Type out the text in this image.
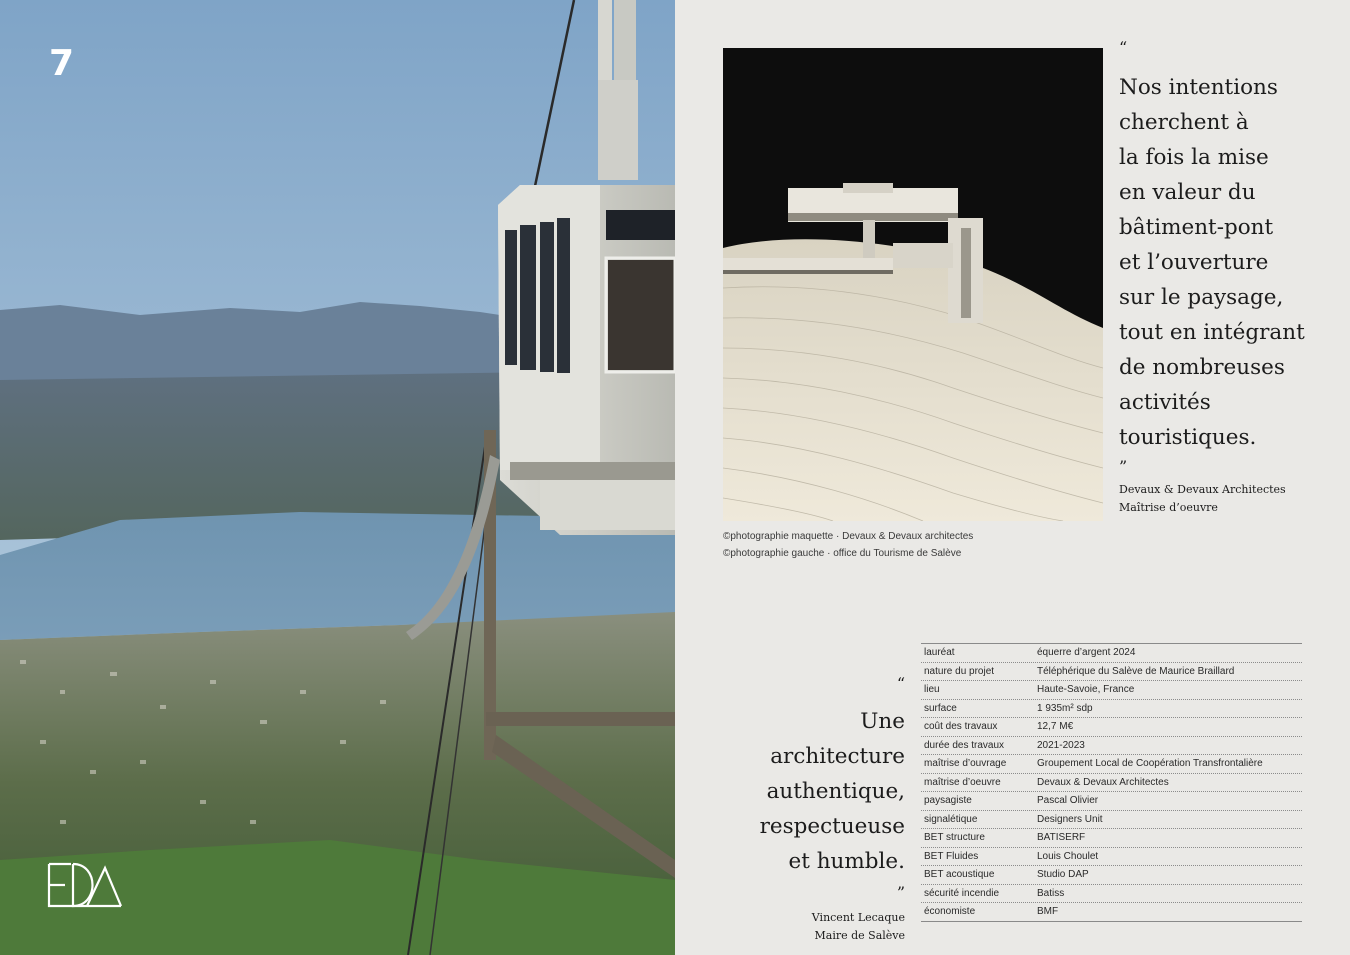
7
©photographie maquette · Devaux & Devaux architectes
©photographie gauche · office du Tourisme de Salève
“
Nos intentions
cherchent à
la fois la mise
en valeur du
bâtiment-pont
et l’ouverture
sur le paysage,
tout en intégrant
de nombreuses
activités
touristiques.
”
Devaux & Devaux Architectes
Maîtrise d’oeuvre
“
Une architecture
authentique,
respectueuse
et humble.
”
Vincent Lecaque
Maire de Salève
lauréat	équerre d’argent 2024
nature du projet	Téléphérique du Salève de Maurice Braillard
lieu	Haute-Savoie, France
surface	1 935m² sdp
coût des travaux	12,7 M€
durée des travaux	2021-2023
maîtrise d’ouvrage	Groupement Local de Coopération Transfrontalière
maîtrise d’oeuvre	Devaux & Devaux Architectes
paysagiste	Pascal Olivier
signalétique	Designers Unit
BET structure	BATISERF
BET Fluides	Louis Choulet
BET acoustique	Studio DAP
sécurité incendie	Batiss
économiste	BMF
